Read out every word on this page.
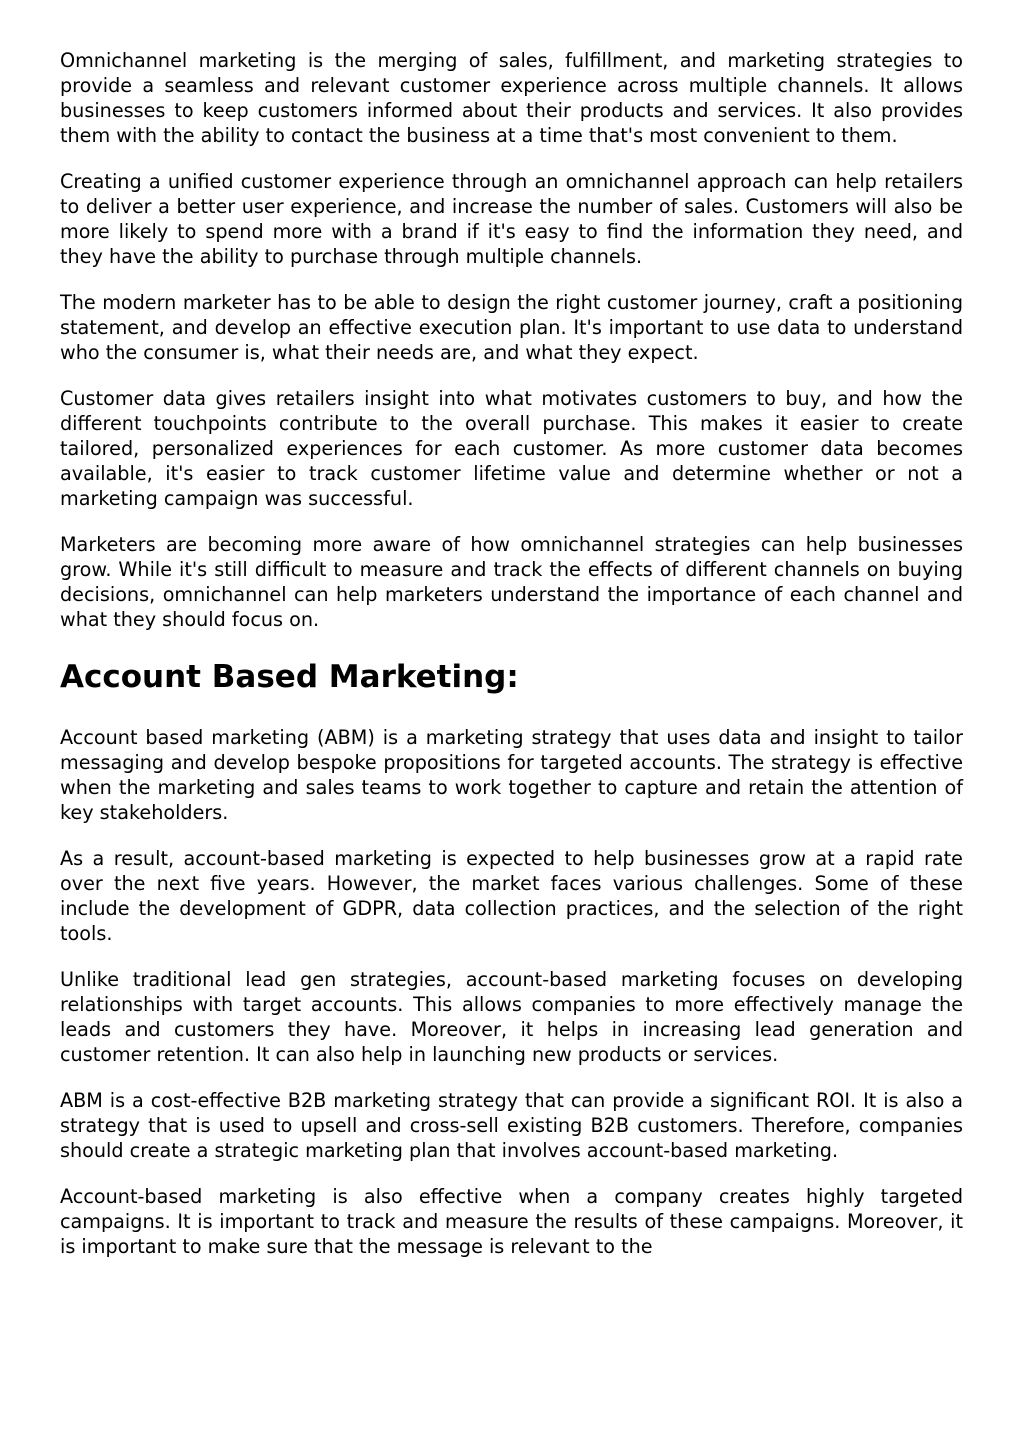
Omnichannel marketing is the merging of sales, fulfillment, and marketing strategies to provide a seamless and relevant customer experience across multiple channels. It allows businesses to keep customers informed about their products and services. It also provides them with the ability to contact the business at a time that's most convenient to them.

Creating a unified customer experience through an omnichannel approach can help retailers to deliver a better user experience, and increase the number of sales. Customers will also be more likely to spend more with a brand if it's easy to find the information they need, and they have the ability to purchase through multiple channels.

The modern marketer has to be able to design the right customer journey, craft a positioning statement, and develop an effective execution plan. It's important to use data to understand who the consumer is, what their needs are, and what they expect.

Customer data gives retailers insight into what motivates customers to buy, and how the different touchpoints contribute to the overall purchase. This makes it easier to create tailored, personalized experiences for each customer. As more customer data becomes available, it's easier to track customer lifetime value and determine whether or not a marketing campaign was successful.

Marketers are becoming more aware of how omnichannel strategies can help businesses grow. While it's still difficult to measure and track the effects of different channels on buying decisions, omnichannel can help marketers understand the importance of each channel and what they should focus on.

Account Based Marketing:

Account based marketing (ABM) is a marketing strategy that uses data and insight to tailor messaging and develop bespoke propositions for targeted accounts. The strategy is effective when the marketing and sales teams to work together to capture and retain the attention of key stakeholders.

As a result, account-based marketing is expected to help businesses grow at a rapid rate over the next five years. However, the market faces various challenges. Some of these include the development of GDPR, data collection practices, and the selection of the right tools.

Unlike traditional lead gen strategies, account-based marketing focuses on developing relationships with target accounts. This allows companies to more effectively manage the leads and customers they have. Moreover, it helps in increasing lead generation and customer retention. It can also help in launching new products or services.

ABM is a cost-effective B2B marketing strategy that can provide a significant ROI. It is also a strategy that is used to upsell and cross-sell existing B2B customers. Therefore, companies should create a strategic marketing plan that involves account-based marketing.

Account-based marketing is also effective when a company creates highly targeted campaigns. It is important to track and measure the results of these campaigns. Moreover, it is important to make sure that the message is relevant to the
